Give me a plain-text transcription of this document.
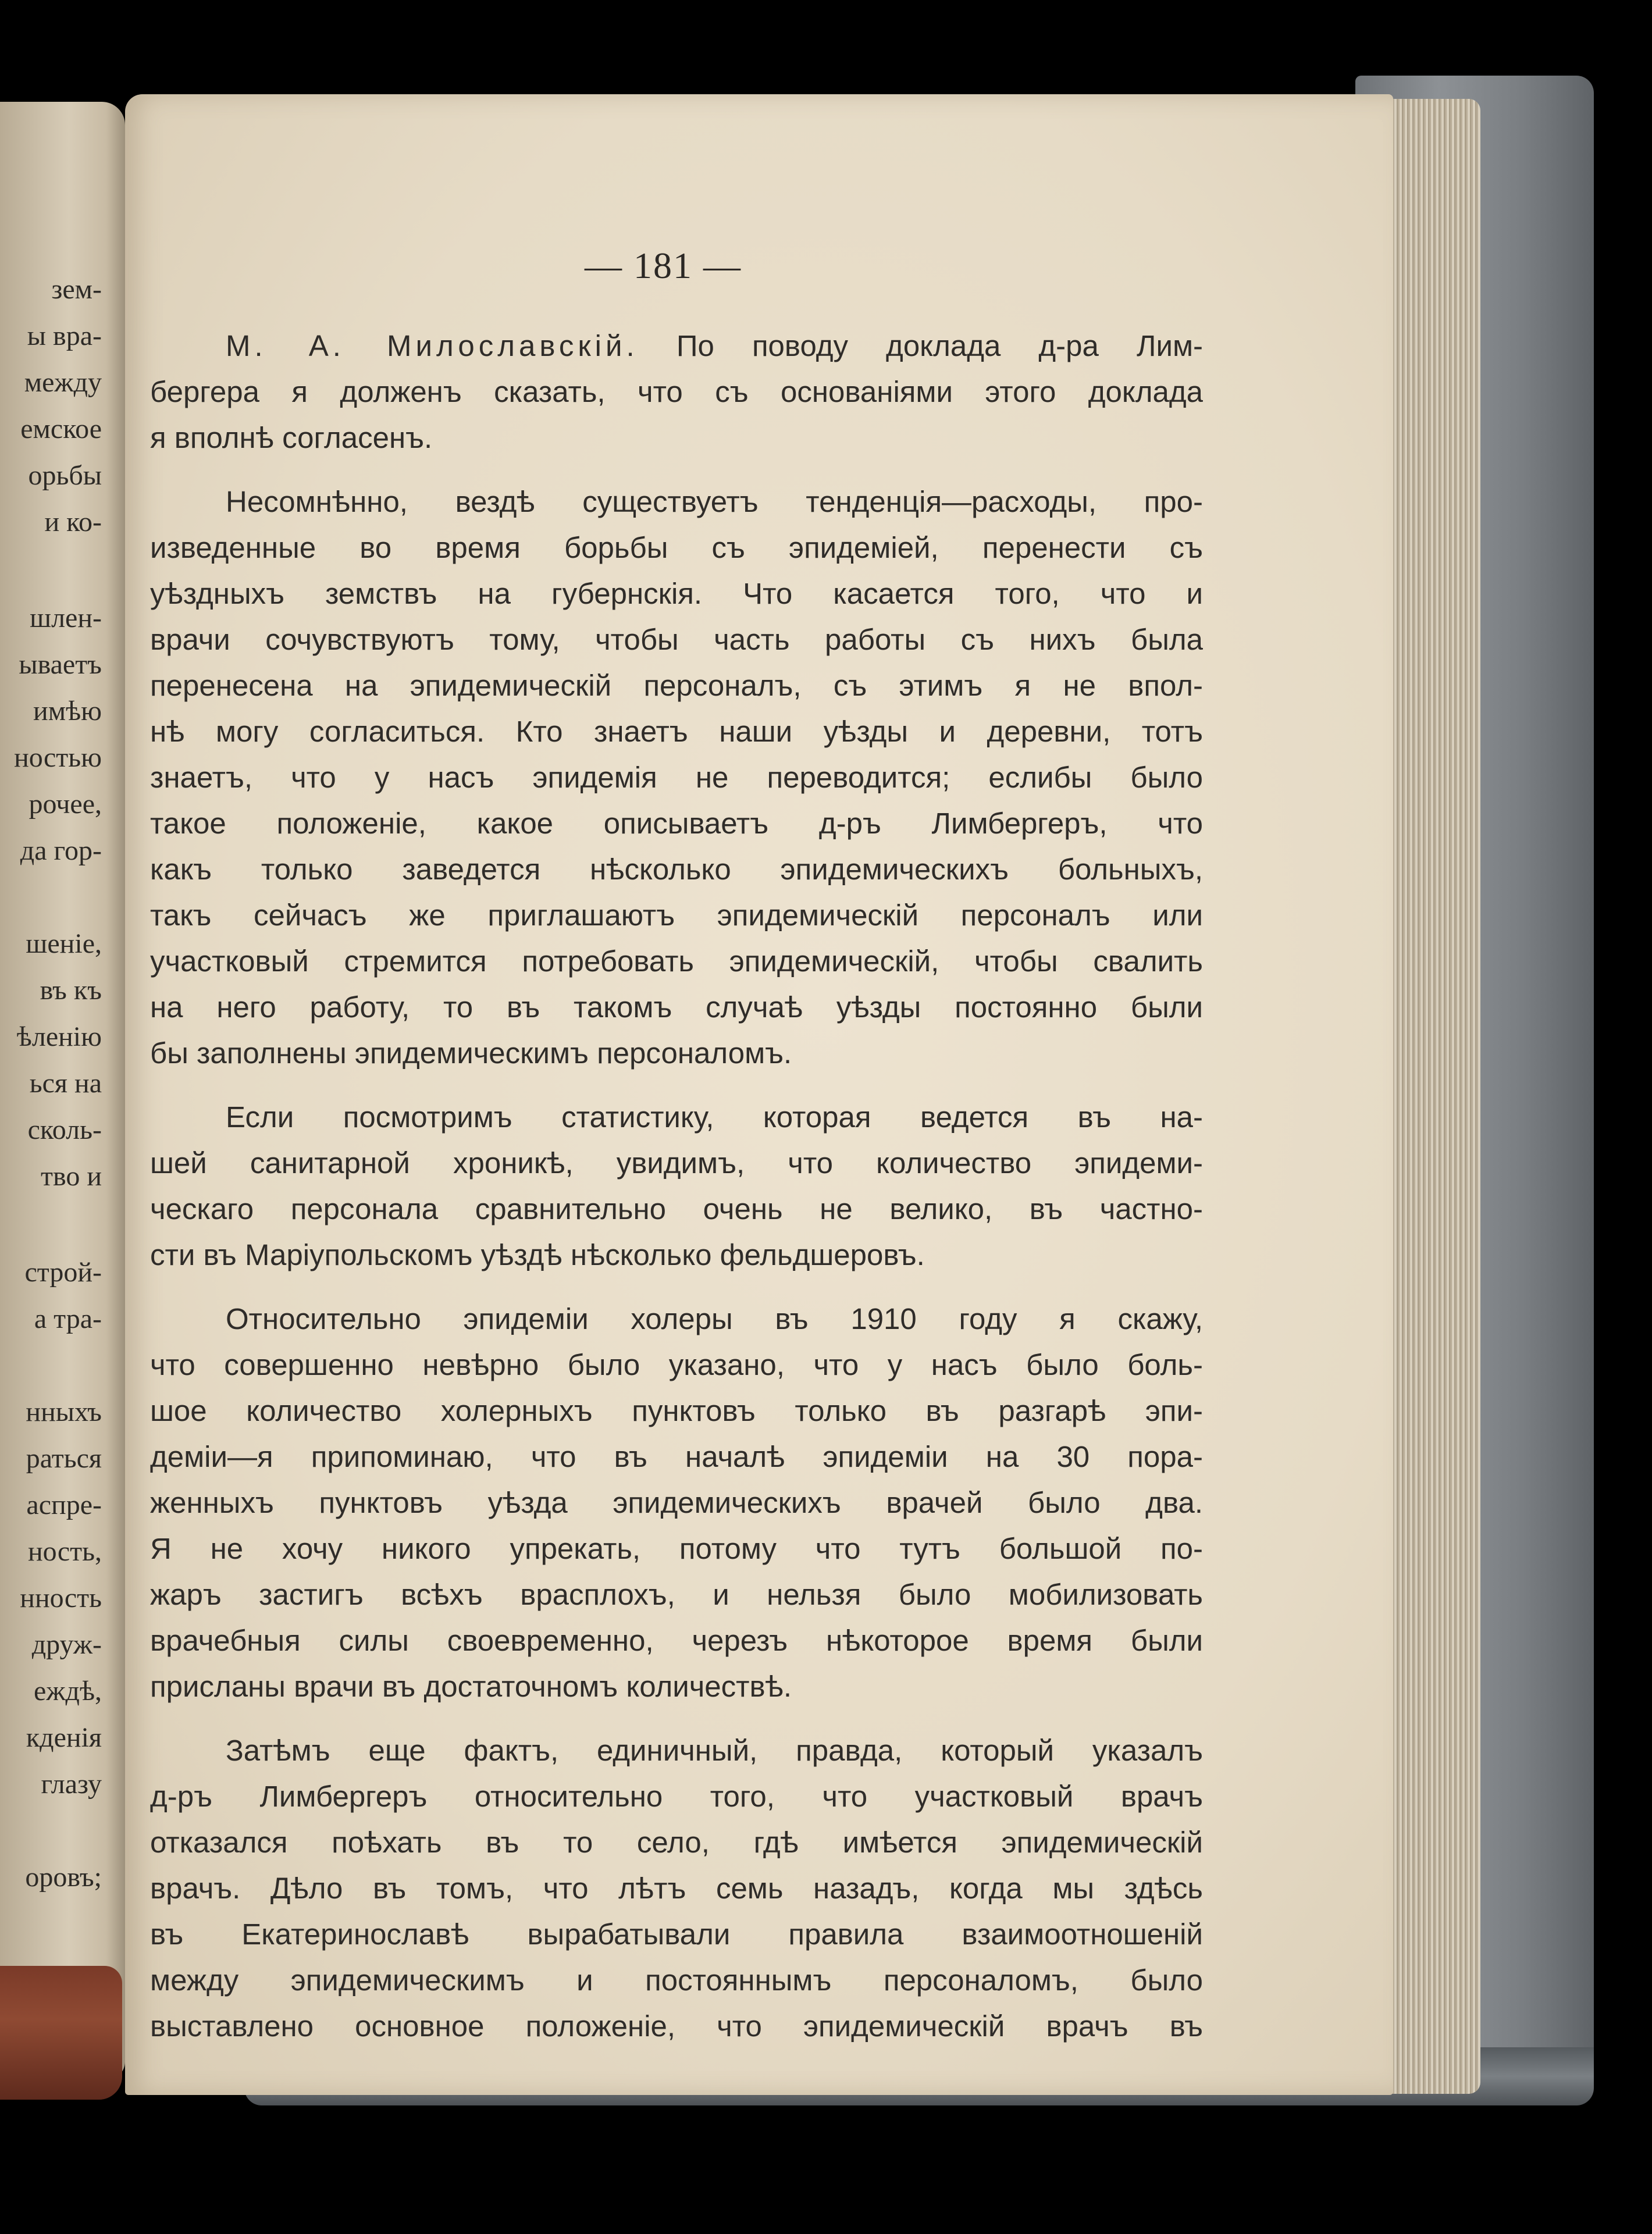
зем-
ы вра-
между
емское
орьбы
и ко-
шлен-
ываетъ
имѣю
ностью
рочее,
да гор-
шеніе,
въ къ
ѣленію
ься на
сколь-
тво и
строй-
а тра-
нныхъ
раться
аспре-
ность,
нность
друж-
еждѣ,
кденія
глазу
оровъ;
— 181 —
М. А. Милославскій. По поводу доклада д-ра Лим-
бергера я долженъ сказать, что съ основаніями этого доклада
я вполнѣ согласенъ.
Несомнѣнно, вездѣ существуетъ тенденція—расходы, про-
изведенные во время борьбы съ эпидеміей, перенести съ
уѣздныхъ земствъ на губернскія. Что касается того, что и
врачи сочувствуютъ тому, чтобы часть работы съ нихъ была
перенесена на эпидемическій персоналъ, съ этимъ я не впол-
нѣ могу согласиться. Кто знаетъ наши уѣзды и деревни, тотъ
знаетъ, что у насъ эпидемія не переводится; еслибы было
такое положеніе, какое описываетъ д-ръ Лимбергеръ, что
какъ только заведется нѣсколько эпидемическихъ больныхъ,
такъ сейчасъ же приглашаютъ эпидемическій персоналъ или
участковый стремится потребовать эпидемическій, чтобы свалить
на него работу, то въ такомъ случаѣ уѣзды постоянно были
бы заполнены эпидемическимъ персоналомъ.
Если посмотримъ статистику, которая ведется въ на-
шей санитарной хроникѣ, увидимъ, что количество эпидеми-
ческаго персонала сравнительно очень не велико, въ частно-
сти въ Маріупольскомъ уѣздѣ нѣсколько фельдшеровъ.
Относительно эпидеміи холеры въ 1910 году я скажу,
что совершенно невѣрно было указано, что у насъ было боль-
шое количество холерныхъ пунктовъ только въ разгарѣ эпи-
деміи—я припоминаю, что въ началѣ эпидеміи на 30 пора-
женныхъ пунктовъ уѣзда эпидемическихъ врачей было два.
Я не хочу никого упрекать, потому что тутъ большой по-
жаръ застигъ всѣхъ врасплохъ, и нельзя было мобилизовать
врачебныя силы своевременно, черезъ нѣкоторое время были
присланы врачи въ достаточномъ количествѣ.
Затѣмъ еще фактъ, единичный, правда, который указалъ
д-ръ Лимбергеръ относительно того, что участковый врачъ
отказался поѣхать въ то село, гдѣ имѣется эпидемическій
врачъ. Дѣло въ томъ, что лѣтъ семь назадъ, когда мы здѣсь
въ Екатеринославѣ вырабатывали правила взаимоотношеній
между эпидемическимъ и постояннымъ персоналомъ, было
выставлено основное положеніе, что эпидемическій врачъ въ
